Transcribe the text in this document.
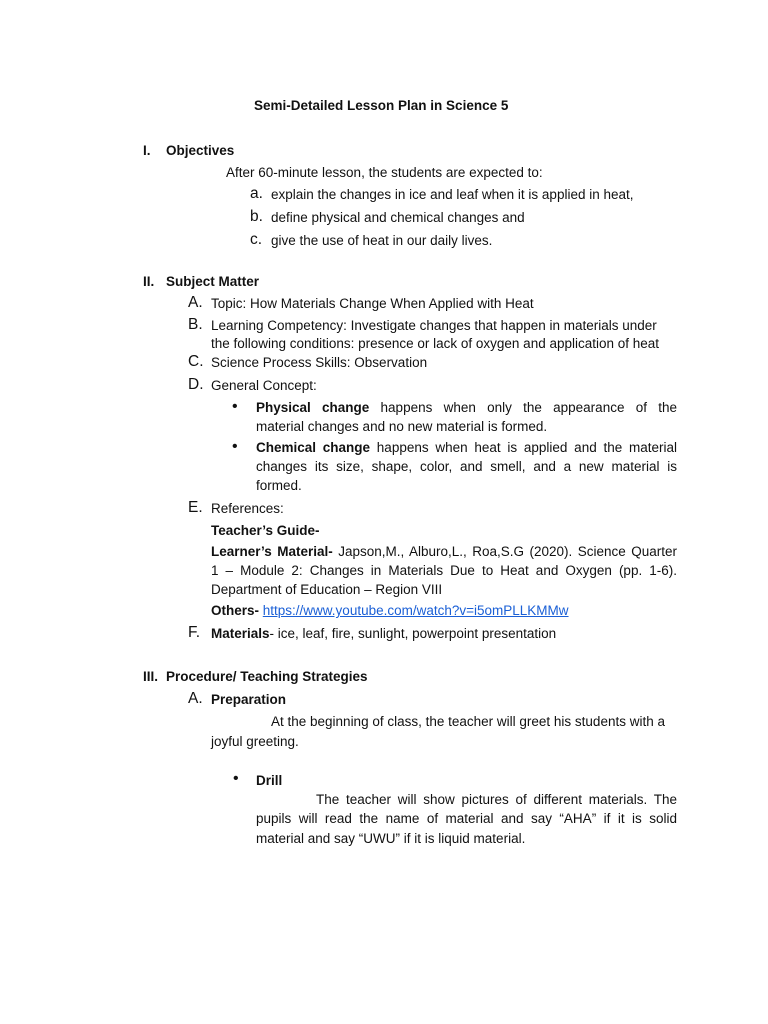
Semi-Detailed Lesson Plan in Science 5
I. Objectives
After 60-minute lesson, the students are expected to:
a. explain the changes in ice and leaf when it is applied in heat,
b. define physical and chemical changes and
c. give the use of heat in our daily lives.
II. Subject Matter
A. Topic: How Materials Change When Applied with Heat
B. Learning Competency: Investigate changes that happen in materials under
the following conditions: presence or lack of oxygen and application of heat
C. Science Process Skills: Observation
D. General Concept:
• Physical change happens when only the appearance of the
material changes and no new material is formed.
• Chemical change happens when heat is applied and the material
changes its size, shape, color, and smell, and a new material is
formed.
E. References:
Teacher’s Guide-
Learner’s Material- Japson,M., Alburo,L., Roa,S.G (2020). Science Quarter
1 – Module 2: Changes in Materials Due to Heat and Oxygen (pp. 1-6).
Department of Education – Region VIII
Others- https://www.youtube.com/watch?v=i5omPLLKMMw
F. Materials- ice, leaf, fire, sunlight, powerpoint presentation
III. Procedure/ Teaching Strategies
A. Preparation
At the beginning of class, the teacher will greet his students with a
joyful greeting.
• Drill
The teacher will show pictures of different materials. The
pupils will read the name of material and say “AHA” if it is solid
material and say “UWU” if it is liquid material.
